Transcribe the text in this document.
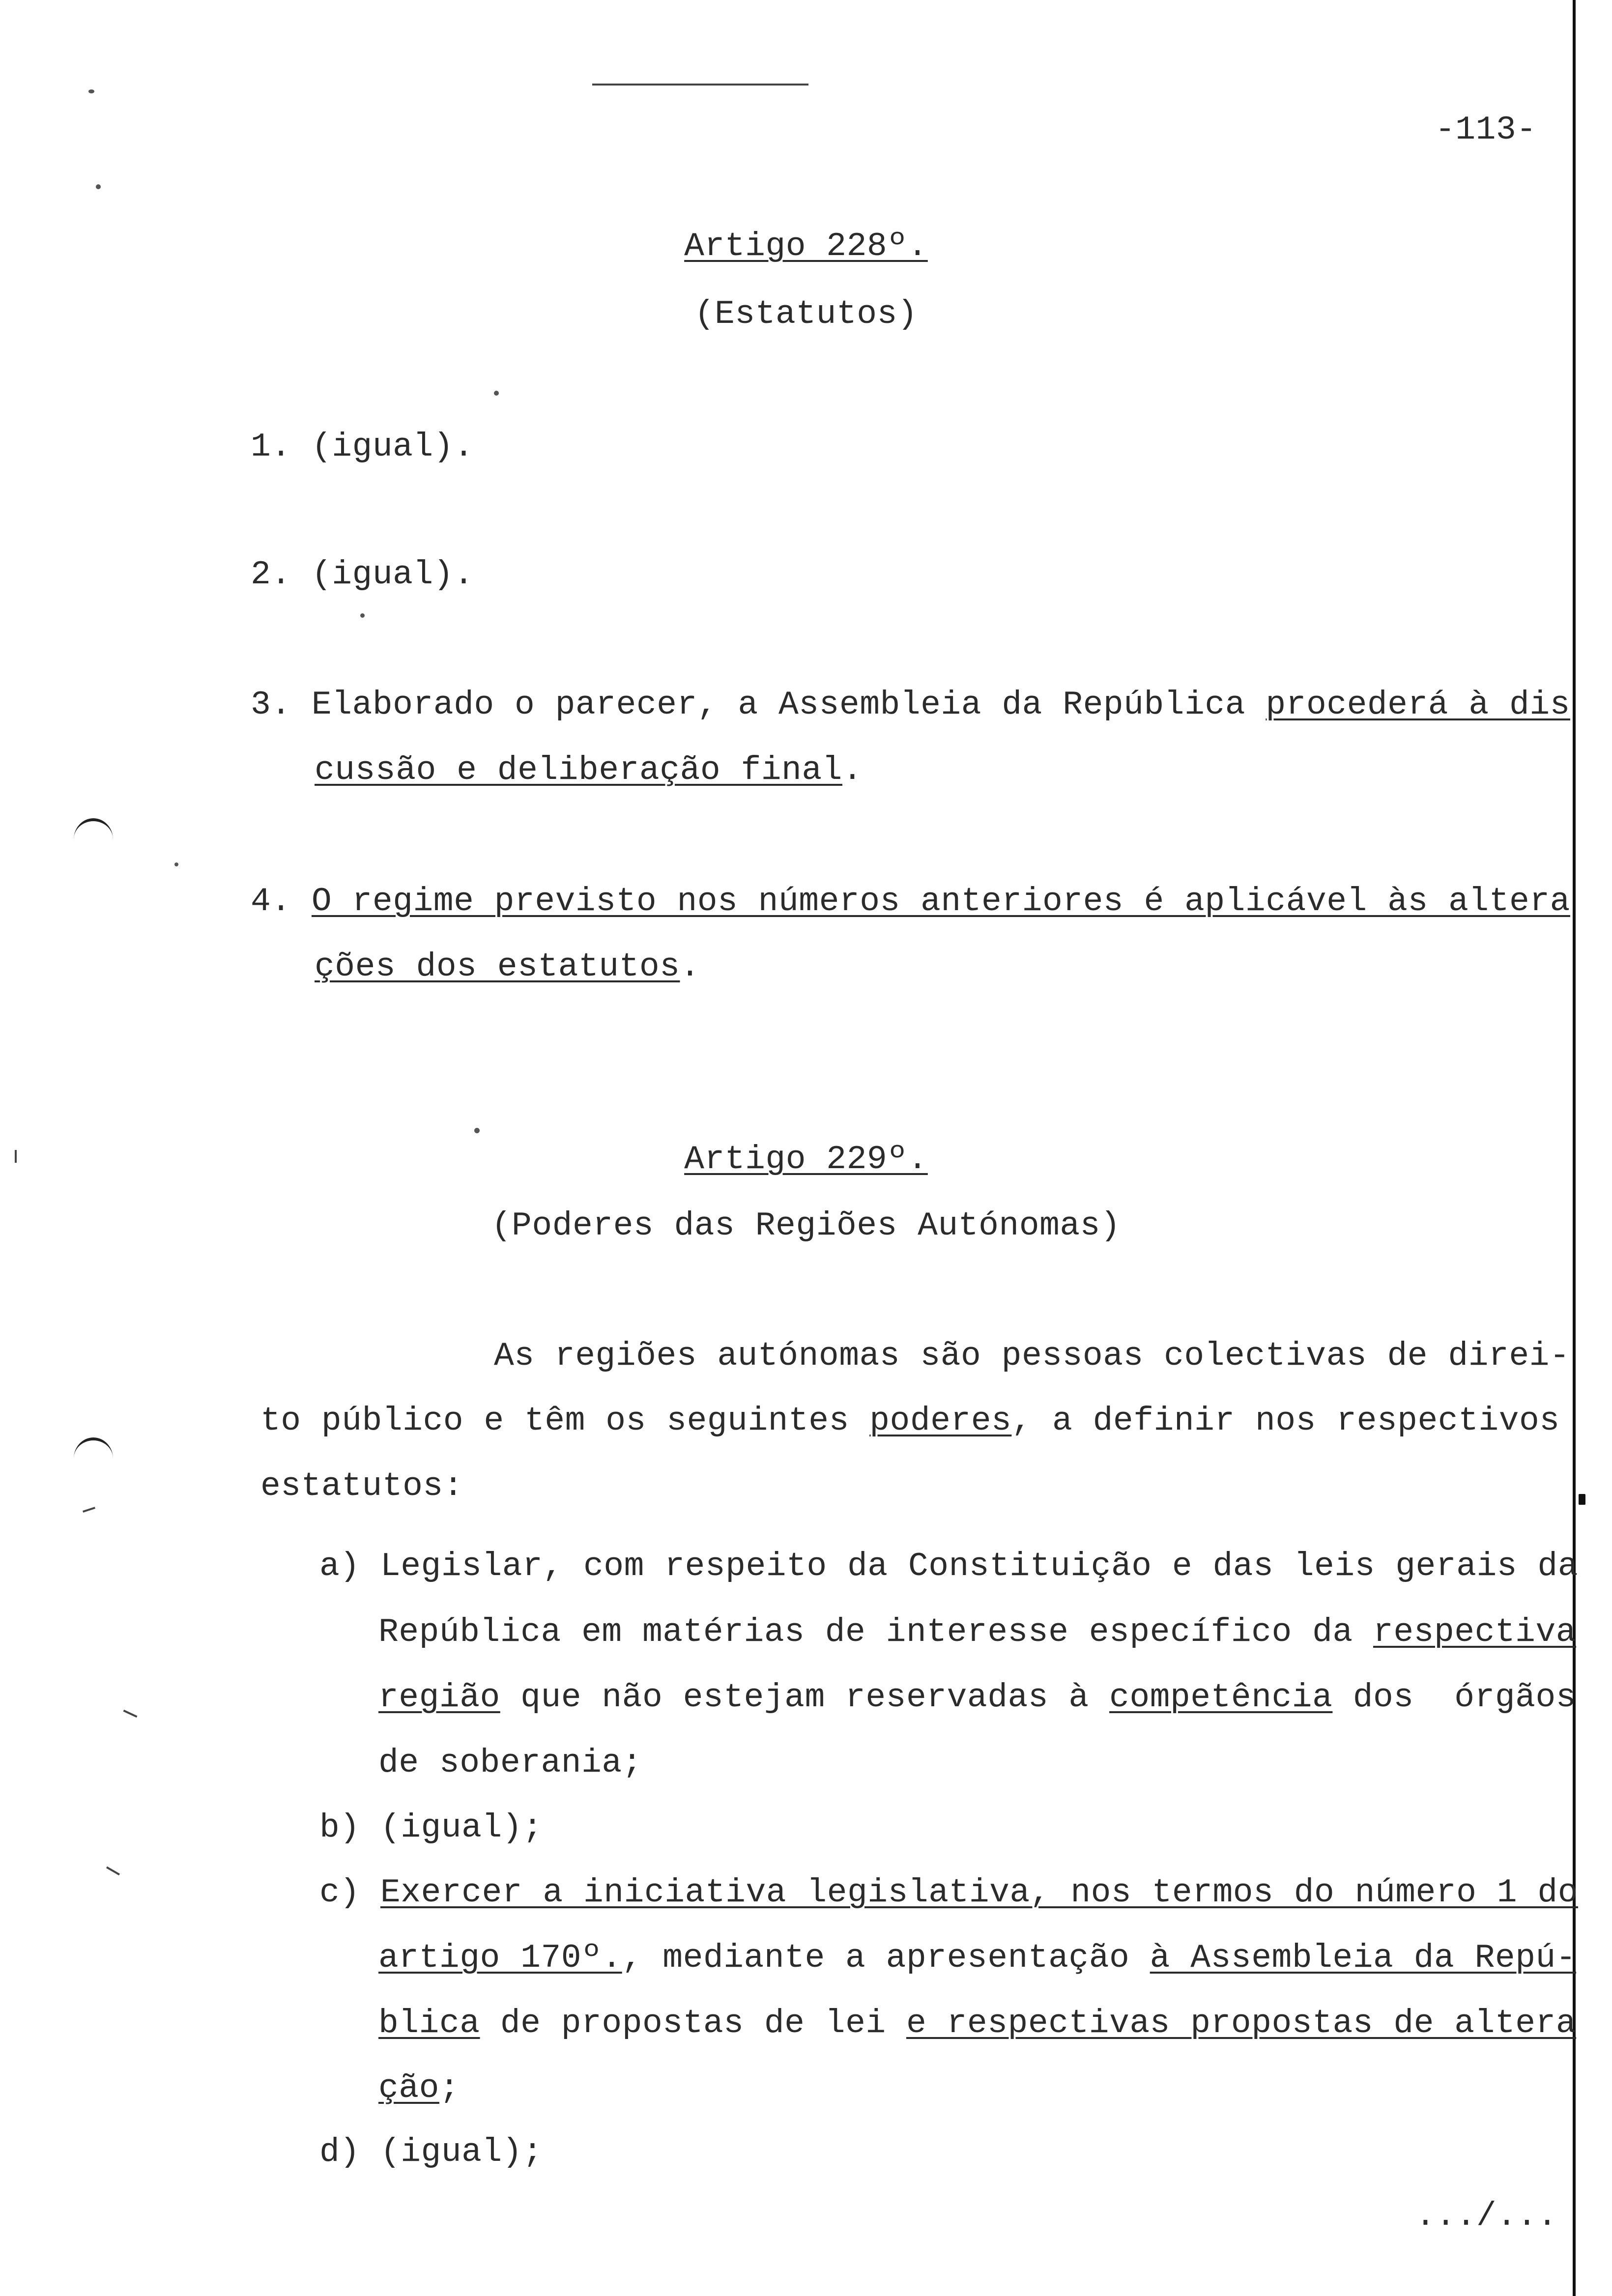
-113-
Artigo 228º.
(Estatutos)
1. (igual).
2. (igual).
3. Elaborado o parecer, a Assembleia da República procederá à dis
cussão e deliberação final.
4. O regime previsto nos números anteriores é aplicável às altera
ções dos estatutos.
Artigo 229º.
(Poderes das Regiões Autónomas)
As regiões autónomas são pessoas colectivas de direi-
to público e têm os seguintes poderes, a definir nos respectivos
estatutos:
a) Legislar, com respeito da Constituição e das leis gerais da
República em matérias de interesse específico da respectiva
região que não estejam reservadas à competência dos  órgãos
de soberania;
b) (igual);
c) Exercer a iniciativa legislativa, nos termos do número 1 do
artigo 170º., mediante a apresentação à Assembleia da Repú-
blica de propostas de lei e respectivas propostas de altera
ção;
d) (igual);
.../...
